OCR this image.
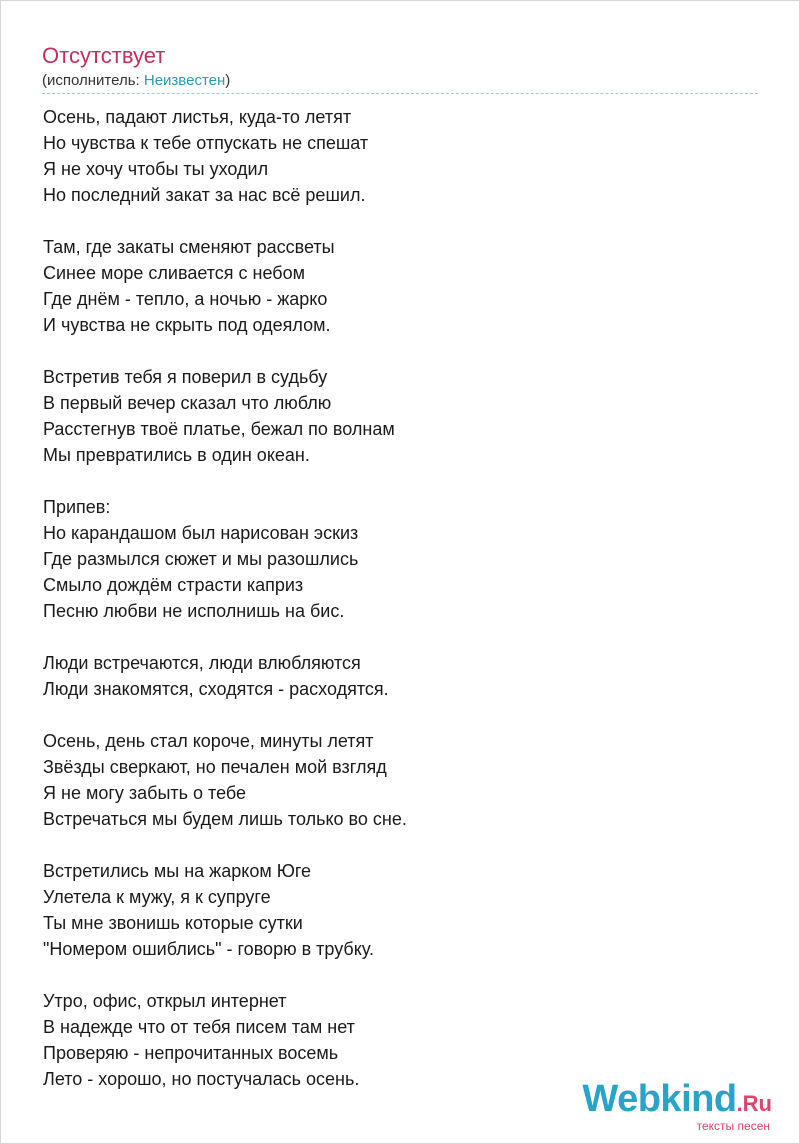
Отсутствует
(исполнитель: Неизвестен)
Осень, падают листья, куда-то летят
Но чувства к тебе отпускать не спешат
Я не хочу чтобы ты уходил
Но последний закат за нас всё решил.
Там, где закаты сменяют рассветы
Синее море сливается с небом
Где днём - тепло, а ночью - жарко
И чувства не скрыть под одеялом.
Встретив тебя я поверил в судьбу
В первый вечер сказал что люблю
Расстегнув твоё платье, бежал по волнам
Мы превратились в один океан.
Припев:
Но карандашом был нарисован эскиз
Где размылся сюжет и мы разошлись
Смыло дождём страсти каприз
Песню любви не исполнишь на бис.
Люди встречаются, люди влюбляются
Люди знакомятся, сходятся - расходятся.
Осень, день стал короче, минуты летят
Звёзды сверкают, но печален мой взгляд
Я не могу забыть о тебе
Встречаться мы будем лишь только во сне.
Встретились мы на жарком Юге
Улетела к мужу, я к супруге
Ты мне звонишь которые сутки
"Номером ошиблись" - говорю в трубку.
Утро, офис, открыл интернет
В надежде что от тебя писем там нет
Проверяю - непрочитанных восемь
Лето - хорошо, но постучалась осень.	Webkind.Ru
тексты песен
